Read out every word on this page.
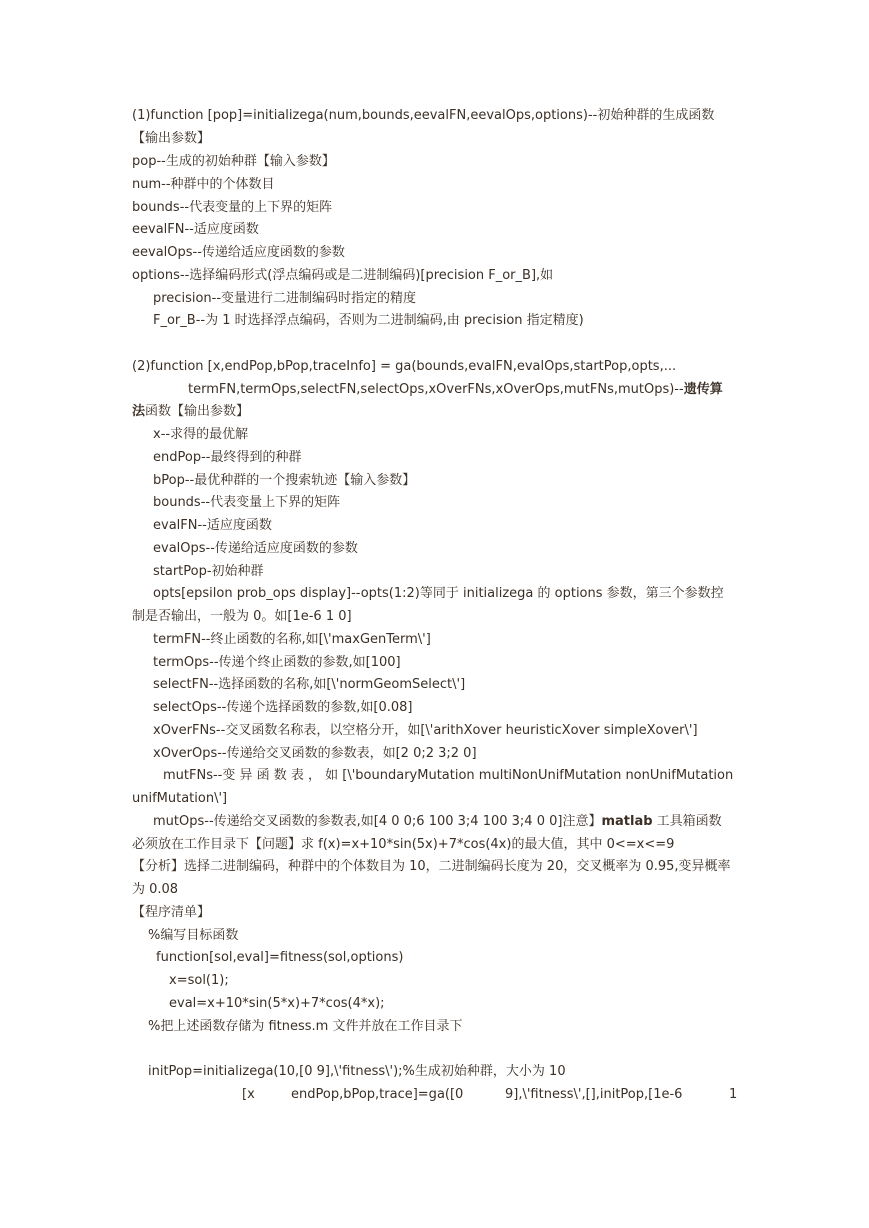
(1)function [pop]=initializega(num,bounds,eevalFN,eevalOps,options)--初始种群的生成函数
【输出参数】
pop--生成的初始种群【输入参数】
num--种群中的个体数目
bounds--代表变量的上下界的矩阵
eevalFN--适应度函数
eevalOps--传递给适应度函数的参数
options--选择编码形式(浮点编码或是二进制编码)[precision F_or_B],如
precision--变量进行二进制编码时指定的精度
F_or_B--为 1 时选择浮点编码，否则为二进制编码,由 precision 指定精度)
(2)function [x,endPop,bPop,traceInfo] = ga(bounds,evalFN,evalOps,startPop,opts,...
termFN,termOps,selectFN,selectOps,xOverFNs,xOverOps,mutFNs,mutOps)--遗传算
法函数【输出参数】
x--求得的最优解
endPop--最终得到的种群
bPop--最优种群的一个搜索轨迹【输入参数】
bounds--代表变量上下界的矩阵
evalFN--适应度函数
evalOps--传递给适应度函数的参数
startPop-初始种群
opts[epsilon prob_ops display]--opts(1:2)等同于 initializega 的 options 参数，第三个参数控
制是否输出，一般为 0。如[1e-6 1 0]
termFN--终止函数的名称,如[\'maxGenTerm\']
termOps--传递个终止函数的参数,如[100]
selectFN--选择函数的名称,如[\'normGeomSelect\']
selectOps--传递个选择函数的参数,如[0.08]
xOverFNs--交叉函数名称表，以空格分开，如[\'arithXover heuristicXover simpleXover\']
xOverOps--传递给交叉函数的参数表，如[2 0;2 3;2 0]
mutFNs--变 异 函 数 表 ， 如 [\'boundaryMutation multiNonUnifMutation nonUnifMutation
unifMutation\']
mutOps--传递给交叉函数的参数表,如[4 0 0;6 100 3;4 100 3;4 0 0]注意】matlab 工具箱函数
必须放在工作目录下【问题】求 f(x)=x+10*sin(5x)+7*cos(4x)的最大值，其中 0<=x<=9
【分析】选择二进制编码，种群中的个体数目为 10，二进制编码长度为 20，交叉概率为 0.95,变异概率
为 0.08
【程序清单】
%编写目标函数
function[sol,eval]=fitness(sol,options)
x=sol(1);
eval=x+10*sin(5*x)+7*cos(4*x);
%把上述函数存储为 fitness.m 文件并放在工作目录下
initPop=initializega(10,[0 9],\'fitness\');%生成初始种群，大小为 10
[x	endPop,bPop,trace]=ga([0	9],\'fitness\',[],initPop,[1e-6	1
